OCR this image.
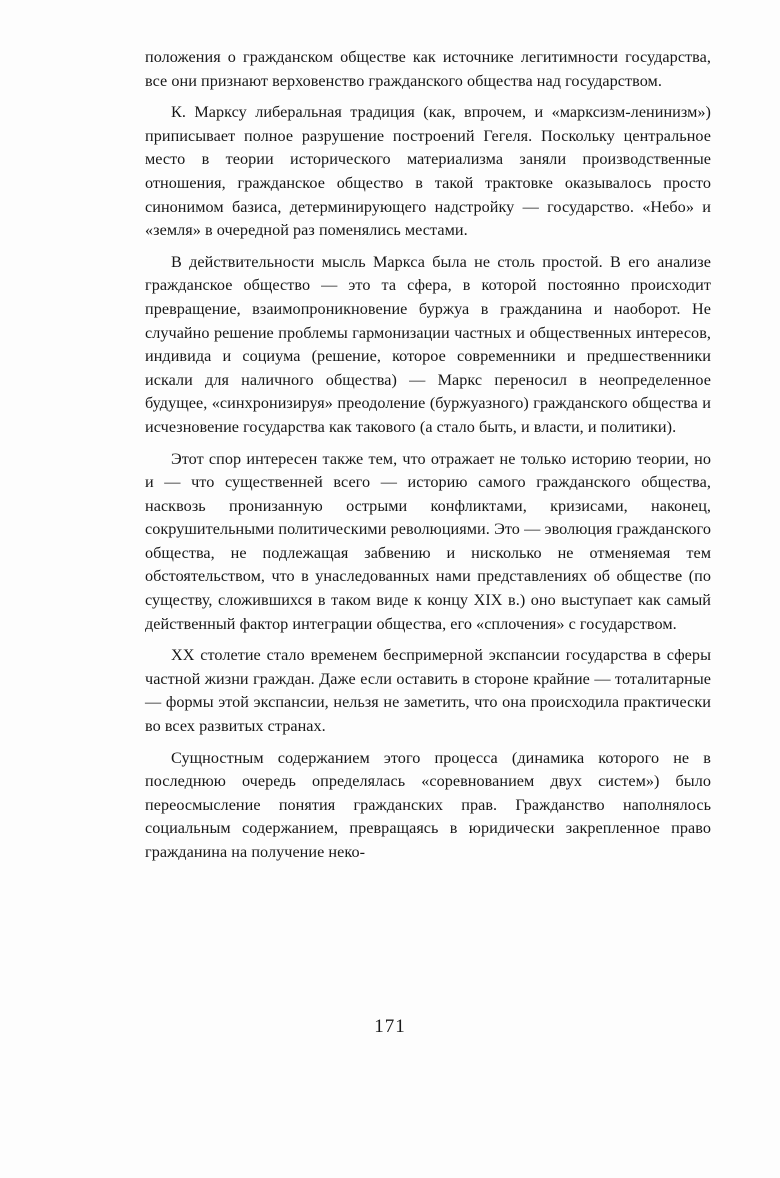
положения о гражданском обществе как источнике легитимности государства, все они признают верховенство гражданского общества над государством.

К. Марксу либеральная традиция (как, впрочем, и «марксизм-ленинизм») приписывает полное разрушение построений Гегеля. Поскольку центральное место в теории исторического материализма заняли производственные отношения, гражданское общество в такой трактовке оказывалось просто синонимом базиса, детерминирующего надстройку — государство. «Небо» и «земля» в очередной раз поменялись местами.

В действительности мысль Маркса была не столь простой. В его анализе гражданское общество — это та сфера, в которой постоянно происходит превращение, взаимопроникновение буржуа в гражданина и наоборот. Не случайно решение проблемы гармонизации частных и общественных интересов, индивида и социума (решение, которое современники и предшественники искали для наличного общества) — Маркс переносил в неопределенное будущее, «синхронизируя» преодоление (буржуазного) гражданского общества и исчезновение государства как такового (а стало быть, и власти, и политики).

Этот спор интересен также тем, что отражает не только историю теории, но и — что существенней всего — историю самого гражданского общества, насквозь пронизанную острыми конфликтами, кризисами, наконец, сокрушительными политическими революциями. Это — эволюция гражданского общества, не подлежащая забвению и нисколько не отменяемая тем обстоятельством, что в унаследованных нами представлениях об обществе (по существу, сложившихся в таком виде к концу XIX в.) оно выступает как самый действенный фактор интеграции общества, его «сплочения» с государством.

XX столетие стало временем беспримерной экспансии государства в сферы частной жизни граждан. Даже если оставить в стороне крайние — тоталитарные — формы этой экспансии, нельзя не заметить, что она происходила практически во всех развитых странах.

Сущностным содержанием этого процесса (динамика которого не в последнюю очередь определялась «соревнованием двух систем») было переосмысление понятия гражданских прав. Гражданство наполнялось социальным содержанием, превращаясь в юридически закрепленное право гражданина на получение неко-

171
